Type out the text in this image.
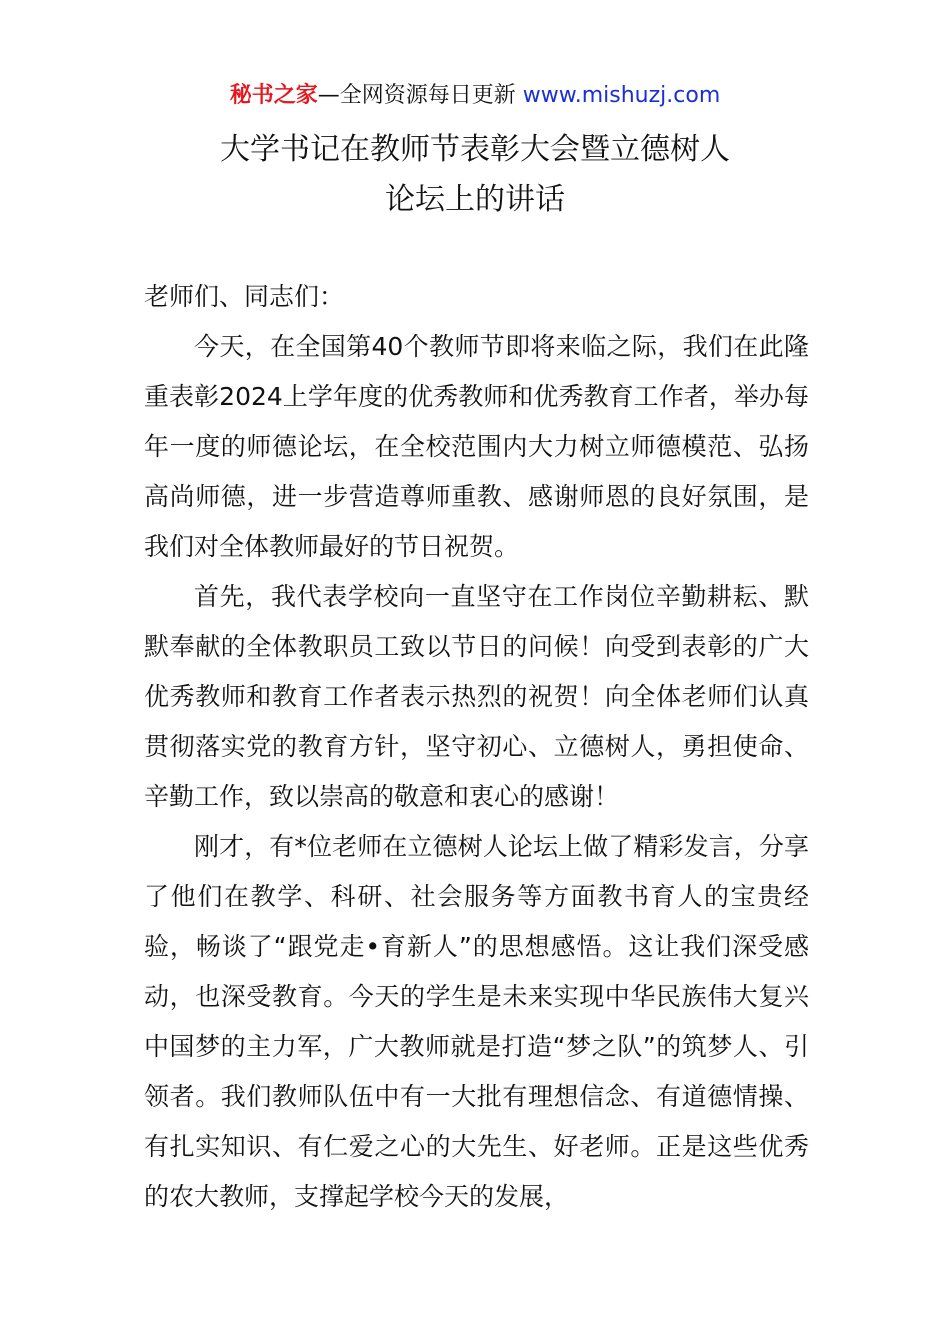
秘书之家—全网资源每日更新 www.mishuzj.com
大学书记在教师节表彰大会暨立德树人
论坛上的讲话

老师们、同志们：

今天，在全国第40个教师节即将来临之际，我们在此隆重表彰2024上学年度的优秀教师和优秀教育工作者，举办每年一度的师德论坛，在全校范围内大力树立师德模范、弘扬高尚师德，进一步营造尊师重教、感谢师恩的良好氛围，是我们对全体教师最好的节日祝贺。

首先，我代表学校向一直坚守在工作岗位辛勤耕耘、默默奉献的全体教职员工致以节日的问候！向受到表彰的广大优秀教师和教育工作者表示热烈的祝贺！向全体老师们认真贯彻落实党的教育方针，坚守初心、立德树人，勇担使命、辛勤工作，致以崇高的敬意和衷心的感谢！

刚才，有*位老师在立德树人论坛上做了精彩发言，分享了他们在教学、科研、社会服务等方面教书育人的宝贵经验，畅谈了“跟党走•育新人”的思想感悟。这让我们深受感动，也深受教育。今天的学生是未来实现中华民族伟大复兴中国梦的主力军，广大教师就是打造“梦之队”的筑梦人、引领者。我们教师队伍中有一大批有理想信念、有道德情操、有扎实知识、有仁爱之心的大先生、好老师。正是这些优秀的农大教师，支撑起学校今天的发展，
